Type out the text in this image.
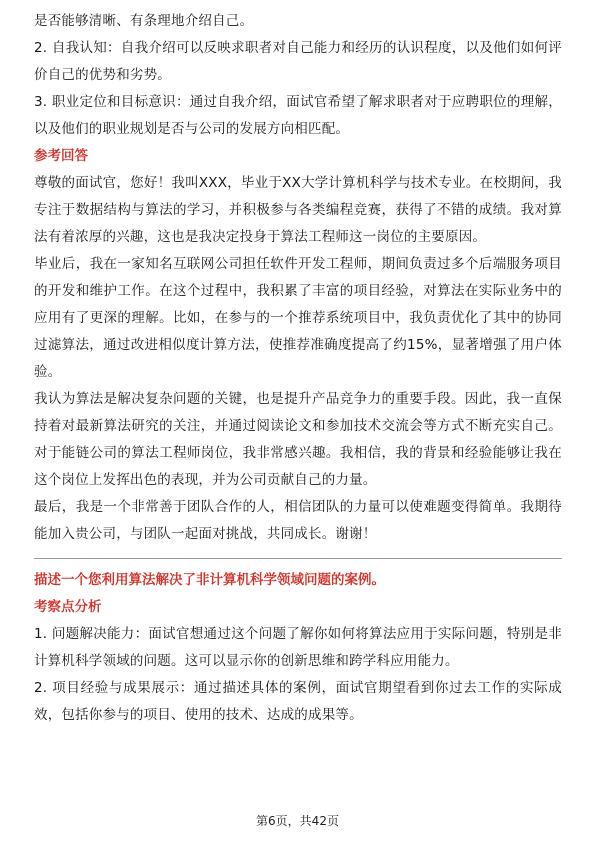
是否能够清晰、有条理地介绍自己。

2. 自我认知：自我介绍可以反映求职者对自己能力和经历的认识程度，以及他们如何评价自己的优势和劣势。

3. 职业定位和目标意识：通过自我介绍，面试官希望了解求职者对于应聘职位的理解，以及他们的职业规划是否与公司的发展方向相匹配。

参考回答

尊敬的面试官，您好！我叫XXX，毕业于XX大学计算机科学与技术专业。在校期间，我专注于数据结构与算法的学习，并积极参与各类编程竞赛，获得了不错的成绩。我对算法有着浓厚的兴趣，这也是我决定投身于算法工程师这一岗位的主要原因。

毕业后，我在一家知名互联网公司担任软件开发工程师，期间负责过多个后端服务项目的开发和维护工作。在这个过程中，我积累了丰富的项目经验，对算法在实际业务中的应用有了更深的理解。比如，在参与的一个推荐系统项目中，我负责优化了其中的协同过滤算法，通过改进相似度计算方法，使推荐准确度提高了约15%，显著增强了用户体验。

我认为算法是解决复杂问题的关键，也是提升产品竞争力的重要手段。因此，我一直保持着对最新算法研究的关注，并通过阅读论文和参加技术交流会等方式不断充实自己。对于能链公司的算法工程师岗位，我非常感兴趣。我相信，我的背景和经验能够让我在这个岗位上发挥出色的表现，并为公司贡献自己的力量。

最后，我是一个非常善于团队合作的人，相信团队的力量可以使难题变得简单。我期待能加入贵公司，与团队一起面对挑战，共同成长。谢谢！

描述一个您利用算法解决了非计算机科学领域问题的案例。

考察点分析

1. 问题解决能力：面试官想通过这个问题了解你如何将算法应用于实际问题，特别是非计算机科学领域的问题。这可以显示你的创新思维和跨学科应用能力。

2. 项目经验与成果展示：通过描述具体的案例，面试官期望看到你过去工作的实际成效，包括你参与的项目、使用的技术、达成的成果等。

第6页，共42页
